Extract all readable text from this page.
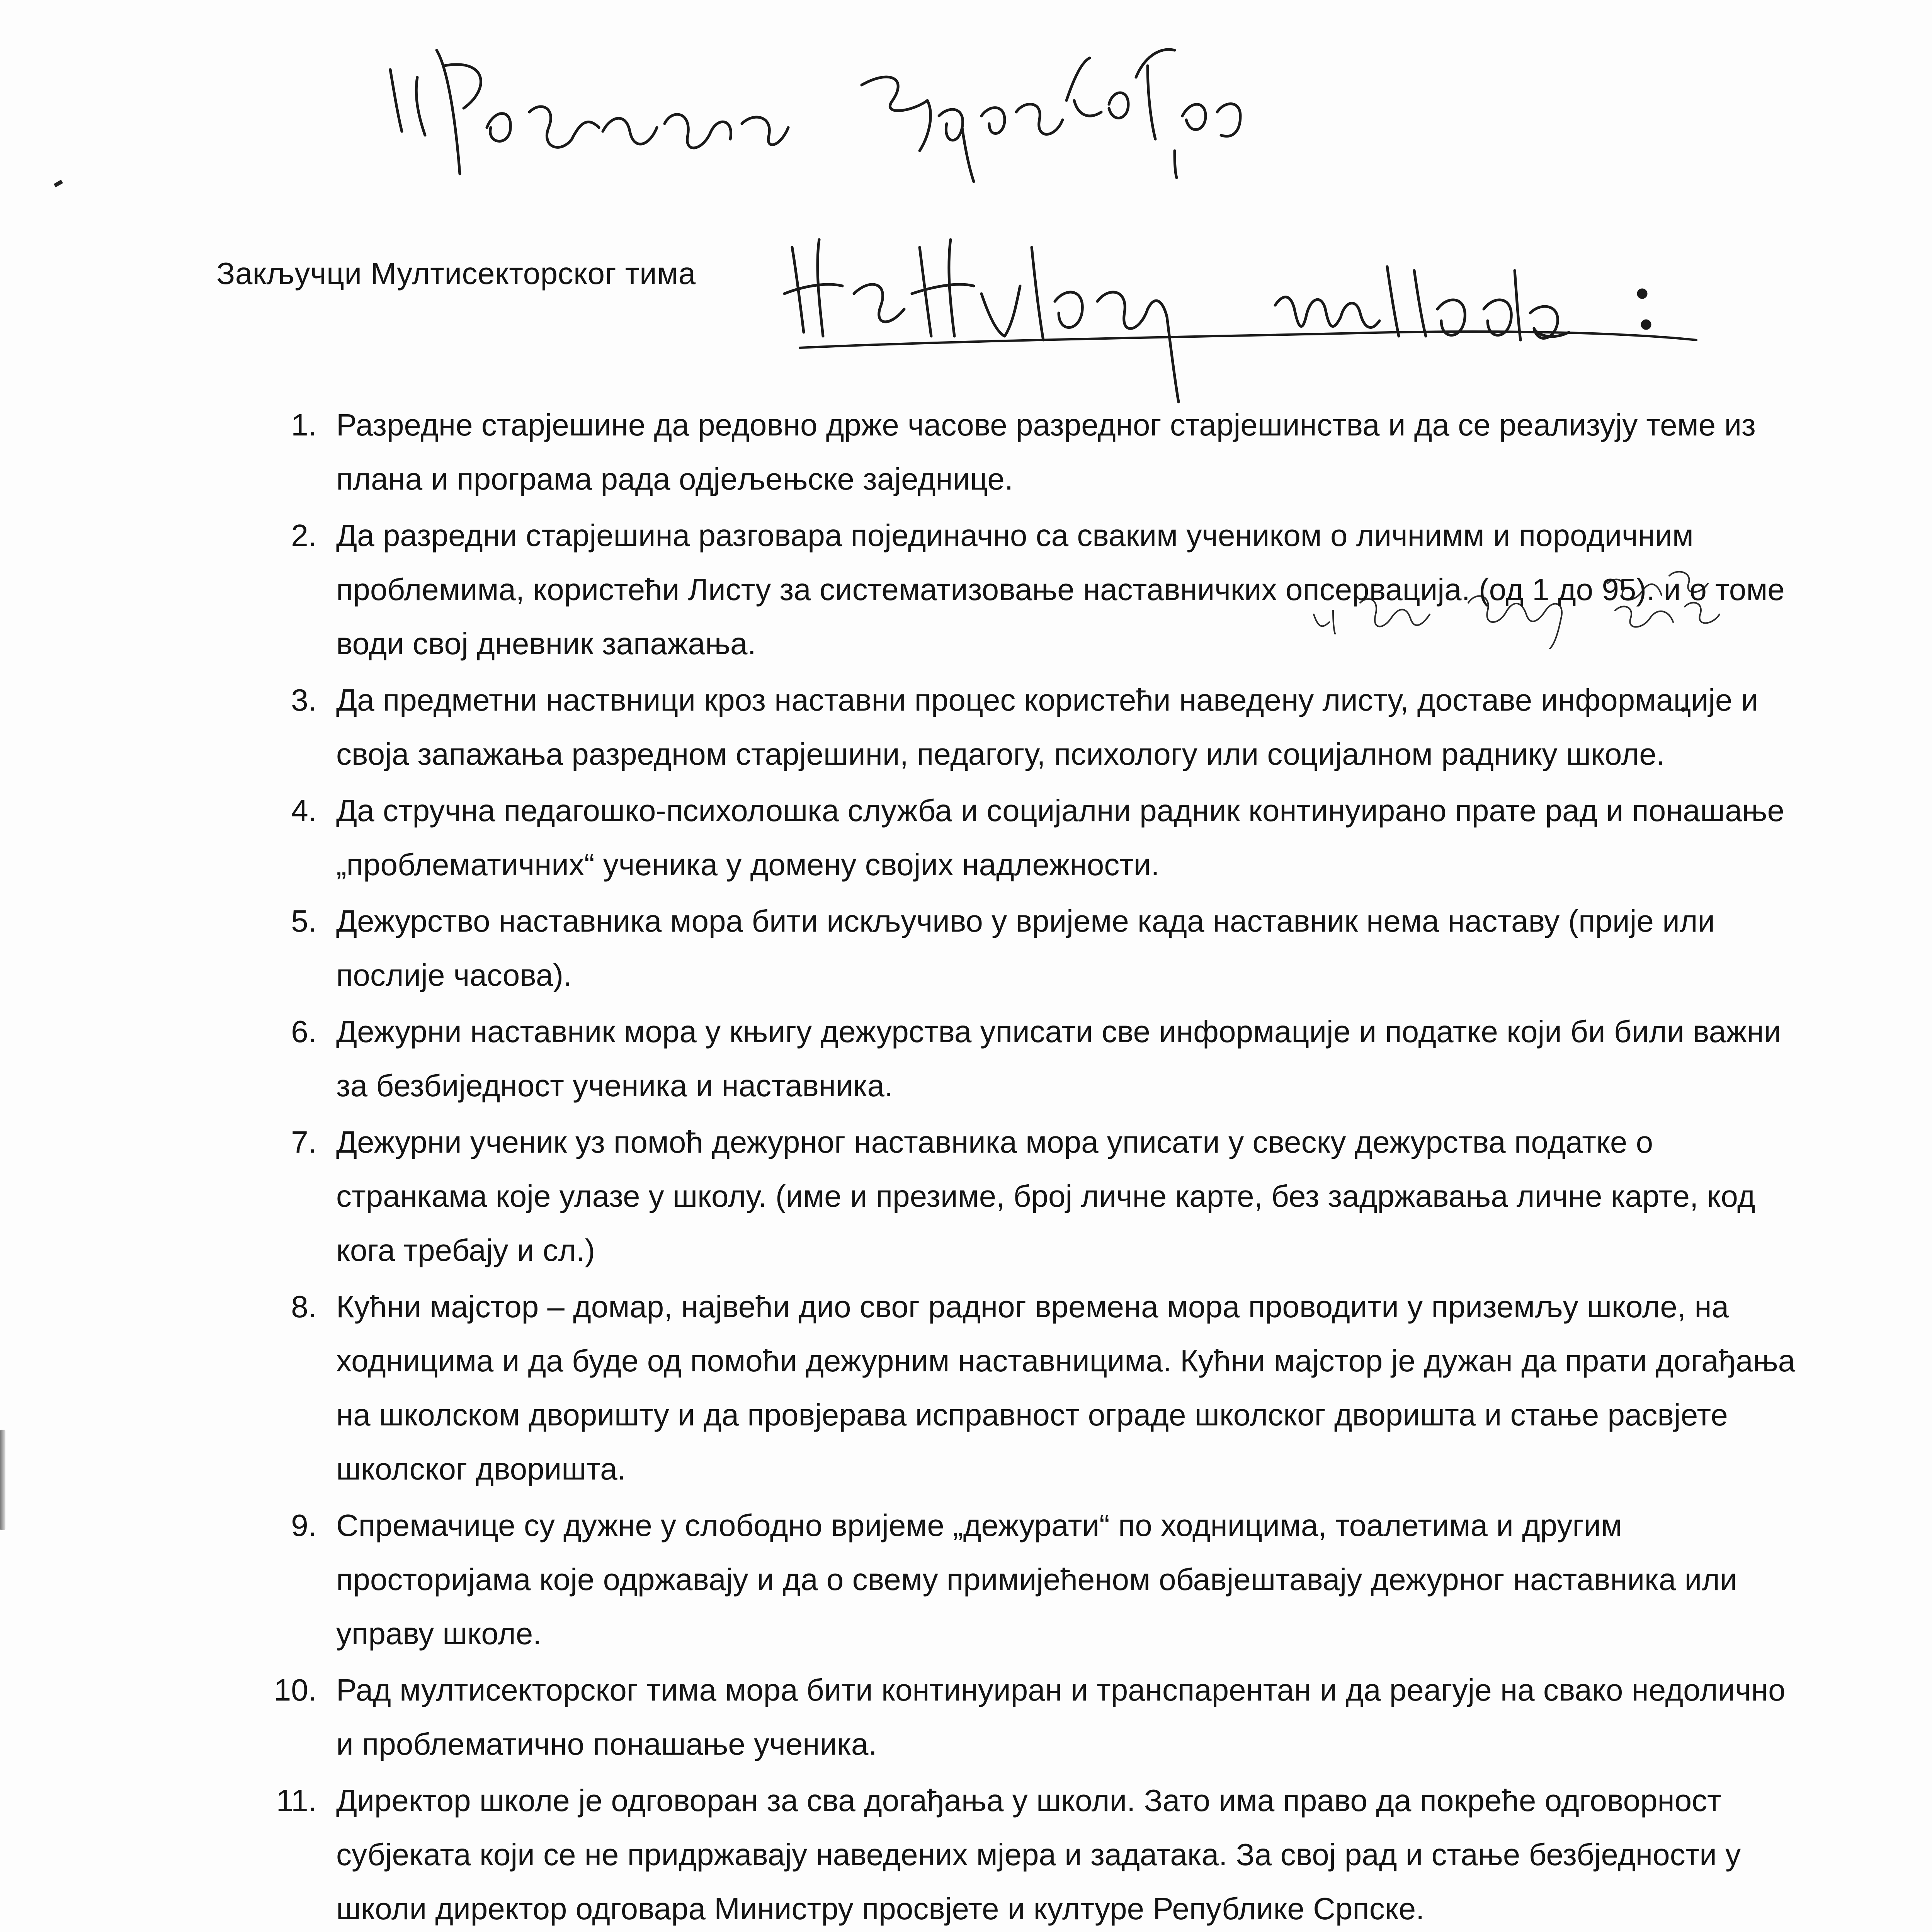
Закључци Мултисекторског тима
1. Разредне старјешине да редовно држе часове разредног старјешинства и да се реализују теме из плана и програма рада одјељењске заједнице.
2. Да разредни старјешина разговара појединачно са сваким учеником о личнимм и породичним проблемима, користећи Листу за систематизовање наставничких опсервација. (од 1 до 95). и о томе води свој дневник запажања.
3. Да предметни наствници кроз наставни процес користећи наведену листу, доставе информације и своја запажања разредном старјешини, педагогу, психологу или социјалном раднику школе.
4. Да стручна педагошко-психолошка служба и социјални радник континуирано прате рад и понашање „проблематичних“ ученика у домену својих надлежности.
5. Дежурство наставника мора бити искључиво у вријеме када наставник нема наставу (прије или послије часова).
6. Дежурни наставник мора у књигу дежурства уписати све информације и податке који би били важни за безбиједност ученика и наставника.
7. Дежурни ученик уз помоћ дежурног наставника мора уписати у свеску дежурства податке о странкама које улазе у школу. (име и презиме, број личне карте, без задржавања личне карте, код кога требају и сл.)
8. Кућни мајстор – домар, највећи дио свог радног времена мора проводити у приземљу школе, на ходницима и да буде од помоћи дежурним наставницима. Кућни мајстор је дужан да прати догађања на школском дворишту и да провјерава исправност ограде школског дворишта и стање расвјете школског дворишта.
9. Спремачице су дужне у слободно вријеме „дежурати“ по ходницима, тоалетима и другим просторијама које одржавају и да о свему примијећеном обавјештавају дежурног наставника или управу школе.
10. Рад мултисекторског тима мора бити континуиран и транспарентан и да реагује на свако недолично и проблематично понашање ученика.
11. Директор школе је одговоран за сва догађања у школи. Зато има право да покреће одговорност субјеката који се не придржавају наведених мјера и задатака. За свој рад и стање безбједности у школи директор одговара Министру просвјете и културе Републике Српске.
